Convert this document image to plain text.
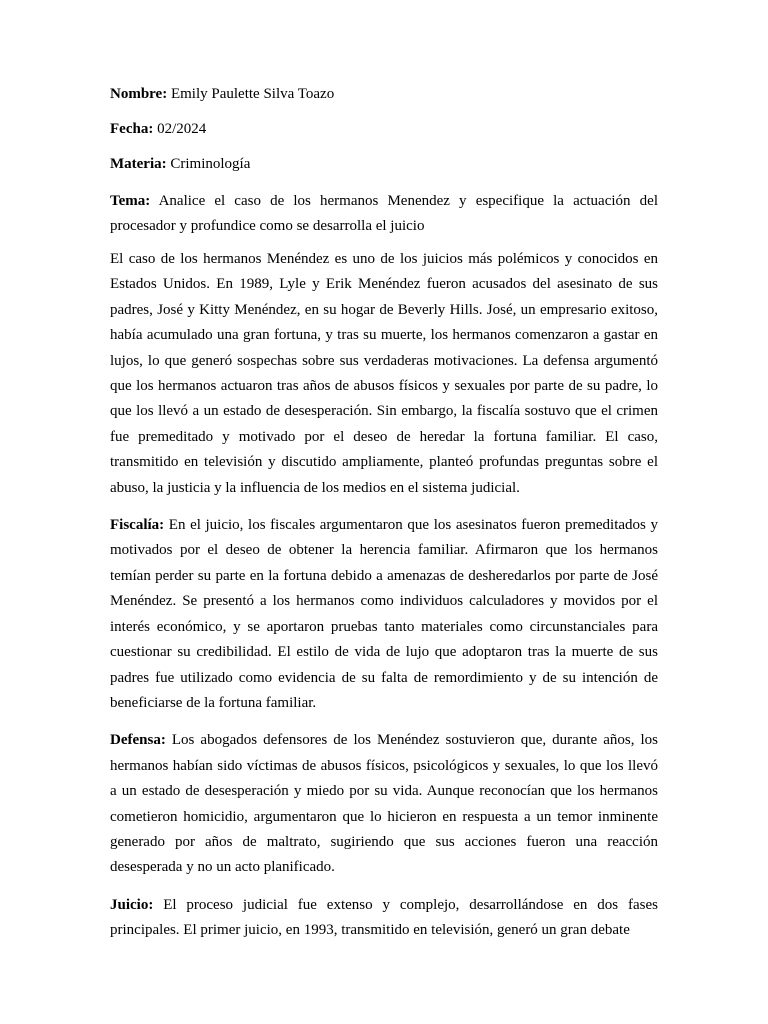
Nombre: Emily Paulette Silva Toazo

Fecha: 02/2024

Materia: Criminología

Tema: Analice el caso de los hermanos Menendez y especifique la actuación del procesador y profundice como se desarrolla el juicio

El caso de los hermanos Menéndez es uno de los juicios más polémicos y conocidos en Estados Unidos. En 1989, Lyle y Erik Menéndez fueron acusados del asesinato de sus padres, José y Kitty Menéndez, en su hogar de Beverly Hills. José, un empresario exitoso, había acumulado una gran fortuna, y tras su muerte, los hermanos comenzaron a gastar en lujos, lo que generó sospechas sobre sus verdaderas motivaciones. La defensa argumentó que los hermanos actuaron tras años de abusos físicos y sexuales por parte de su padre, lo que los llevó a un estado de desesperación. Sin embargo, la fiscalía sostuvo que el crimen fue premeditado y motivado por el deseo de heredar la fortuna familiar. El caso, transmitido en televisión y discutido ampliamente, planteó profundas preguntas sobre el abuso, la justicia y la influencia de los medios en el sistema judicial.

Fiscalía: En el juicio, los fiscales argumentaron que los asesinatos fueron premeditados y motivados por el deseo de obtener la herencia familiar. Afirmaron que los hermanos temían perder su parte en la fortuna debido a amenazas de desheredarlos por parte de José Menéndez. Se presentó a los hermanos como individuos calculadores y movidos por el interés económico, y se aportaron pruebas tanto materiales como circunstanciales para cuestionar su credibilidad. El estilo de vida de lujo que adoptaron tras la muerte de sus padres fue utilizado como evidencia de su falta de remordimiento y de su intención de beneficiarse de la fortuna familiar.

Defensa: Los abogados defensores de los Menéndez sostuvieron que, durante años, los hermanos habían sido víctimas de abusos físicos, psicológicos y sexuales, lo que los llevó a un estado de desesperación y miedo por su vida. Aunque reconocían que los hermanos cometieron homicidio, argumentaron que lo hicieron en respuesta a un temor inminente generado por años de maltrato, sugiriendo que sus acciones fueron una reacción desesperada y no un acto planificado.

Juicio: El proceso judicial fue extenso y complejo, desarrollándose en dos fases principales. El primer juicio, en 1993, transmitido en televisión, generó un gran debate
